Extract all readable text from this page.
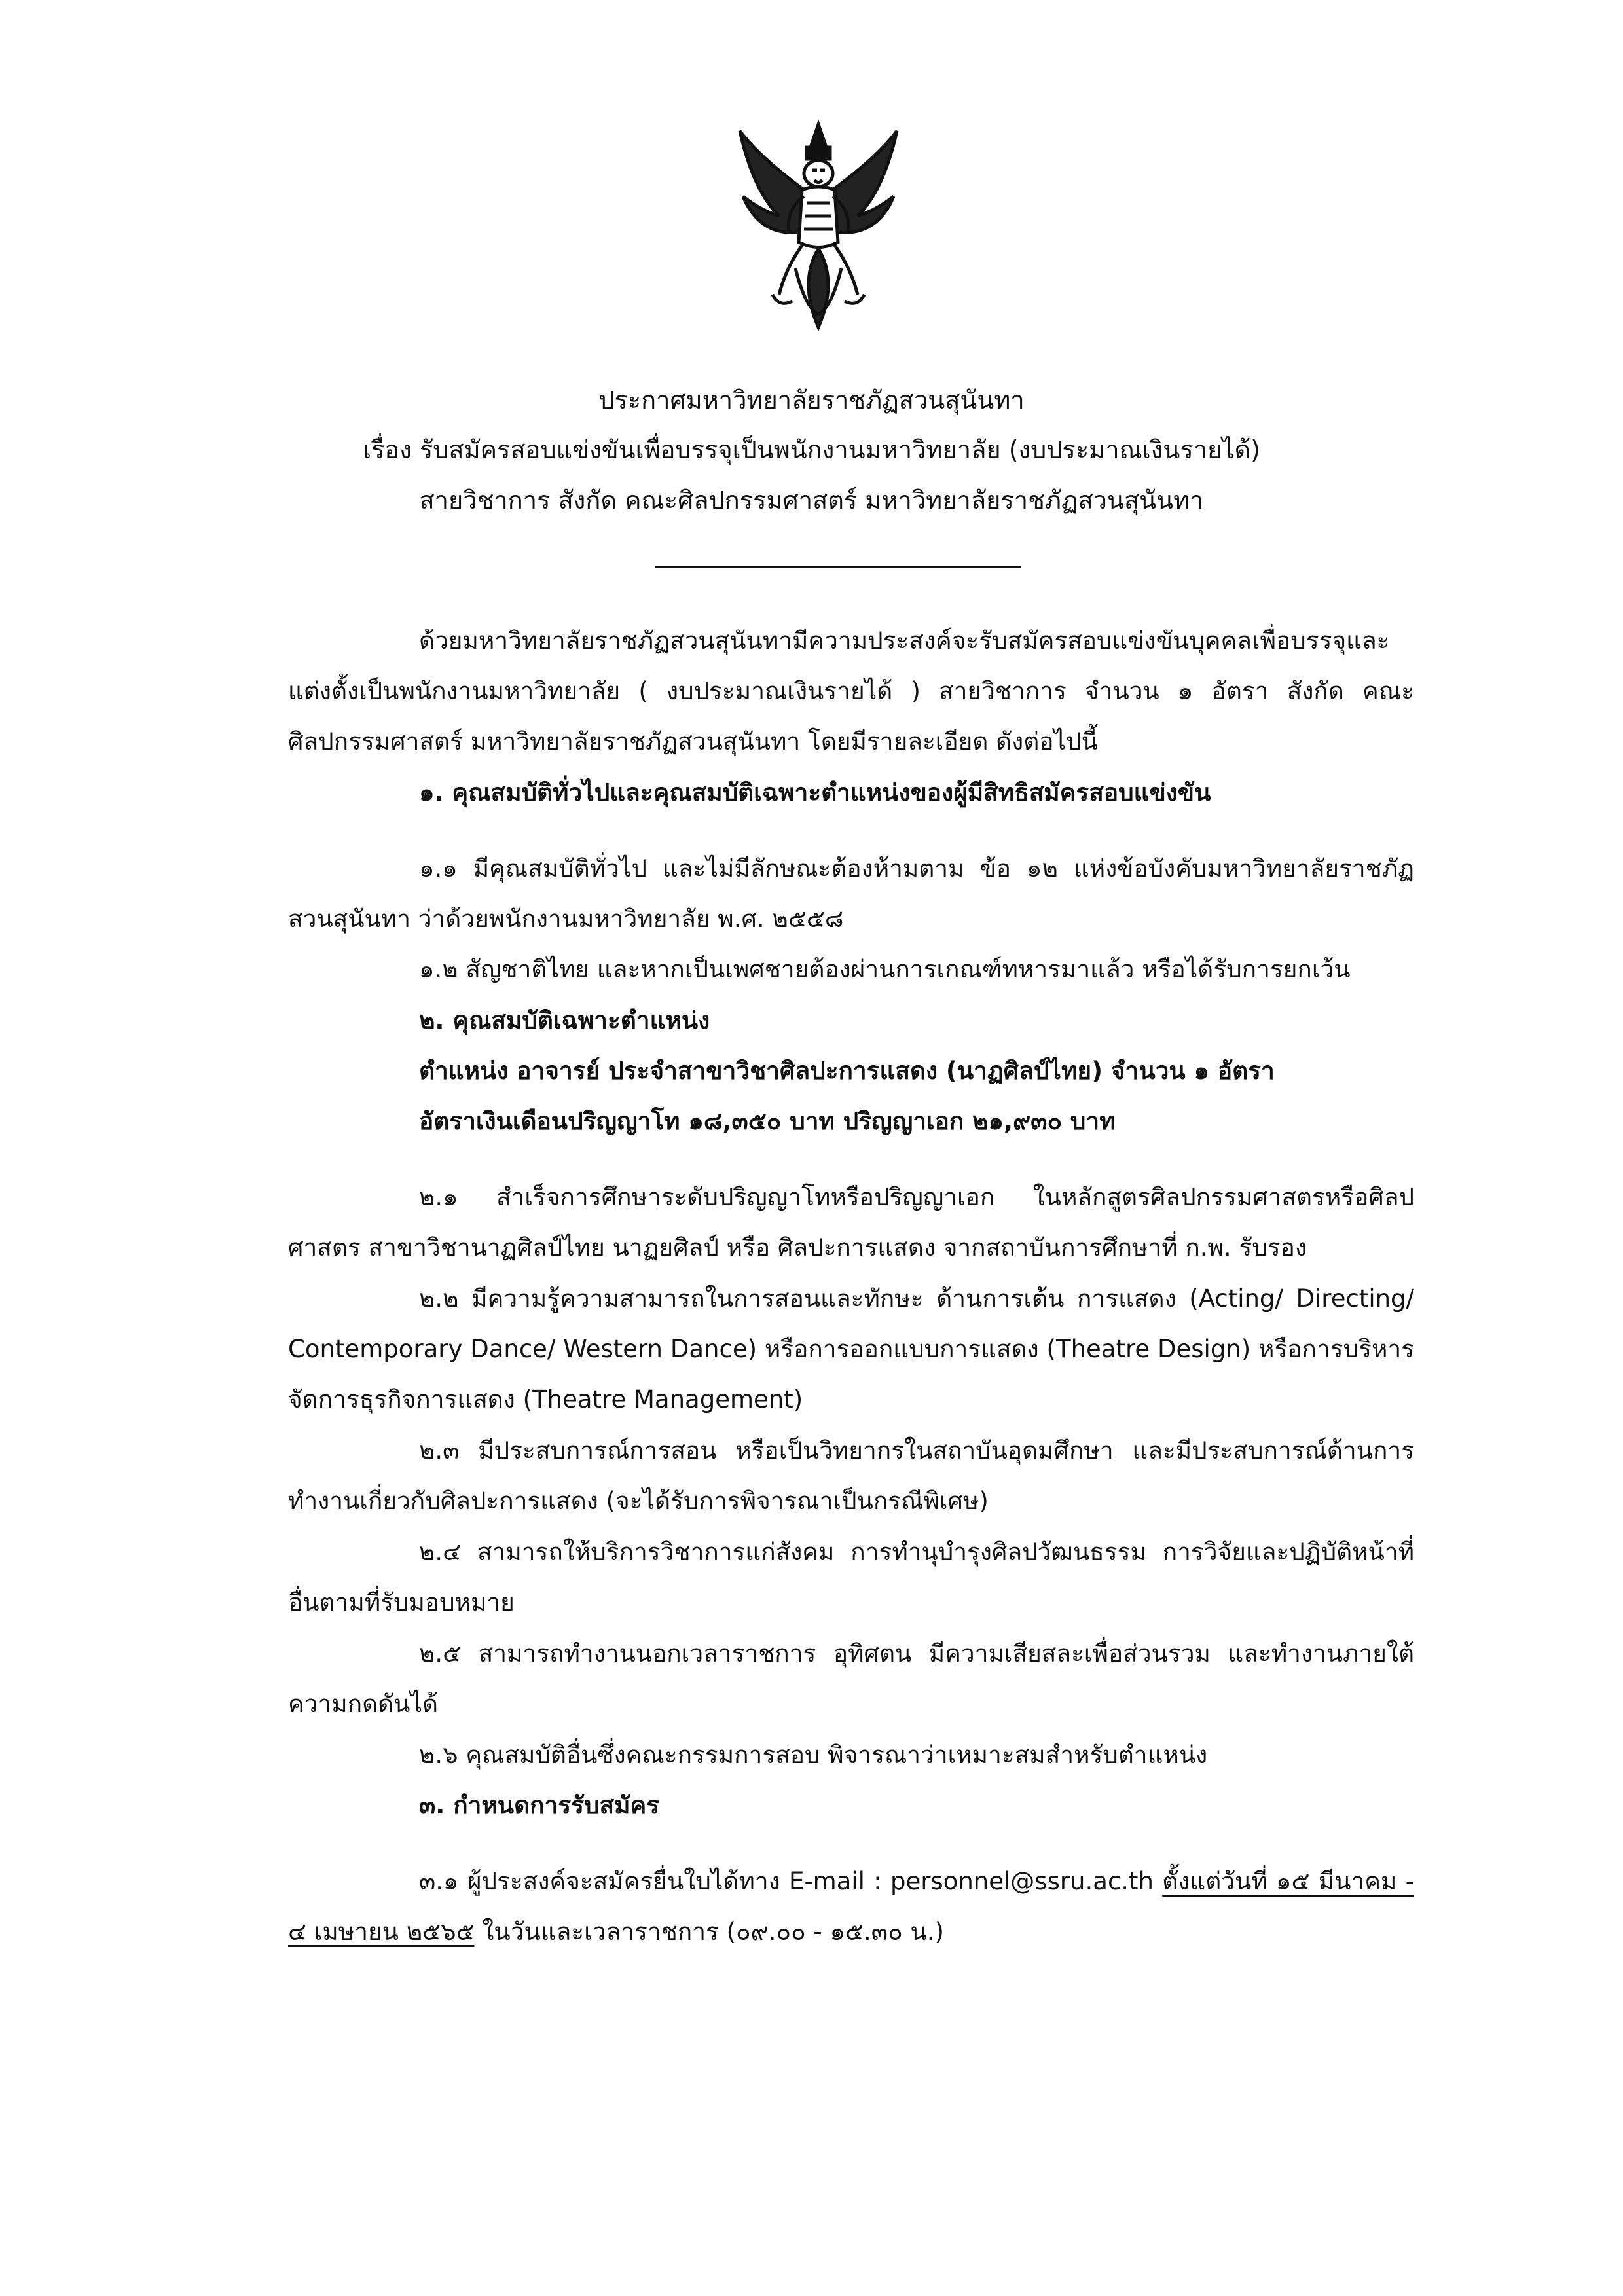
ประกาศมหาวิทยาลัยราชภัฏสวนสุนันทา
เรื่อง รับสมัครสอบแข่งขันเพื่อบรรจุเป็นพนักงานมหาวิทยาลัย (งบประมาณเงินรายได้)
สายวิชาการ สังกัด คณะศิลปกรรมศาสตร์ มหาวิทยาลัยราชภัฏสวนสุนันทา
ด้วยมหาวิทยาลัยราชภัฏสวนสุนันทามีความประสงค์จะรับสมัครสอบแข่งขันบุคคลเพื่อบรรจุและแต่งตั้งเป็นพนักงานมหาวิทยาลัย ( งบประมาณเงินรายได้ ) สายวิชาการ จำนวน ๑ อัตรา สังกัด คณะศิลปกรรมศาสตร์ มหาวิทยาลัยราชภัฏสวนสุนันทา โดยมีรายละเอียด ดังต่อไปนี้
๑. คุณสมบัติทั่วไปและคุณสมบัติเฉพาะตำแหน่งของผู้มีสิทธิสมัครสอบแข่งขัน
๑.๑ มีคุณสมบัติทั่วไป และไม่มีลักษณะต้องห้ามตาม ข้อ ๑๒ แห่งข้อบังคับมหาวิทยาลัยราชภัฏสวนสุนันทา ว่าด้วยพนักงานมหาวิทยาลัย พ.ศ. ๒๕๕๘
๑.๒ สัญชาติไทย และหากเป็นเพศชายต้องผ่านการเกณฑ์ทหารมาแล้ว หรือได้รับการยกเว้น
๒. คุณสมบัติเฉพาะตำแหน่ง
ตำแหน่ง อาจารย์ ประจำสาขาวิชาศิลปะการแสดง (นาฏศิลป์ไทย) จำนวน ๑ อัตรา
อัตราเงินเดือนปริญญาโท ๑๘,๓๕๐ บาท ปริญญาเอก ๒๑,๙๓๐ บาท
๒.๑ สำเร็จการศึกษาระดับปริญญาโทหรือปริญญาเอก ในหลักสูตรศิลปกรรมศาสตรหรือศิลปศาสตร สาขาวิชานาฏศิลป์ไทย นาฏยศิลป์ หรือ ศิลปะการแสดง จากสถาบันการศึกษาที่ ก.พ. รับรอง
๒.๒ มีความรู้ความสามารถในการสอนและทักษะ ด้านการเต้น การแสดง (Acting/ Directing/ Contemporary Dance/ Western Dance) หรือการออกแบบการแสดง (Theatre Design) หรือการบริหารจัดการธุรกิจการแสดง (Theatre Management)
๒.๓ มีประสบการณ์การสอน หรือเป็นวิทยากรในสถาบันอุดมศึกษา และมีประสบการณ์ด้านการทำงานเกี่ยวกับศิลปะการแสดง (จะได้รับการพิจารณาเป็นกรณีพิเศษ)
๒.๔ สามารถให้บริการวิชาการแก่สังคม การทำนุบำรุงศิลปวัฒนธรรม การวิจัยและปฏิบัติหน้าที่อื่นตามที่รับมอบหมาย
๒.๕ สามารถทำงานนอกเวลาราชการ อุทิศตน มีความเสียสละเพื่อส่วนรวม และทำงานภายใต้ความกดดันได้
๒.๖ คุณสมบัติอื่นซึ่งคณะกรรมการสอบ พิจารณาว่าเหมาะสมสำหรับตำแหน่ง
๓. กำหนดการรับสมัคร
๓.๑ ผู้ประสงค์จะสมัครยื่นใบได้ทาง E-mail : personnel@ssru.ac.th ตั้งแต่วันที่ ๑๕ มีนาคม - ๔ เมษายน ๒๕๖๕ ในวันและเวลาราชการ (๐๙.๐๐ - ๑๕.๓๐ น.)
